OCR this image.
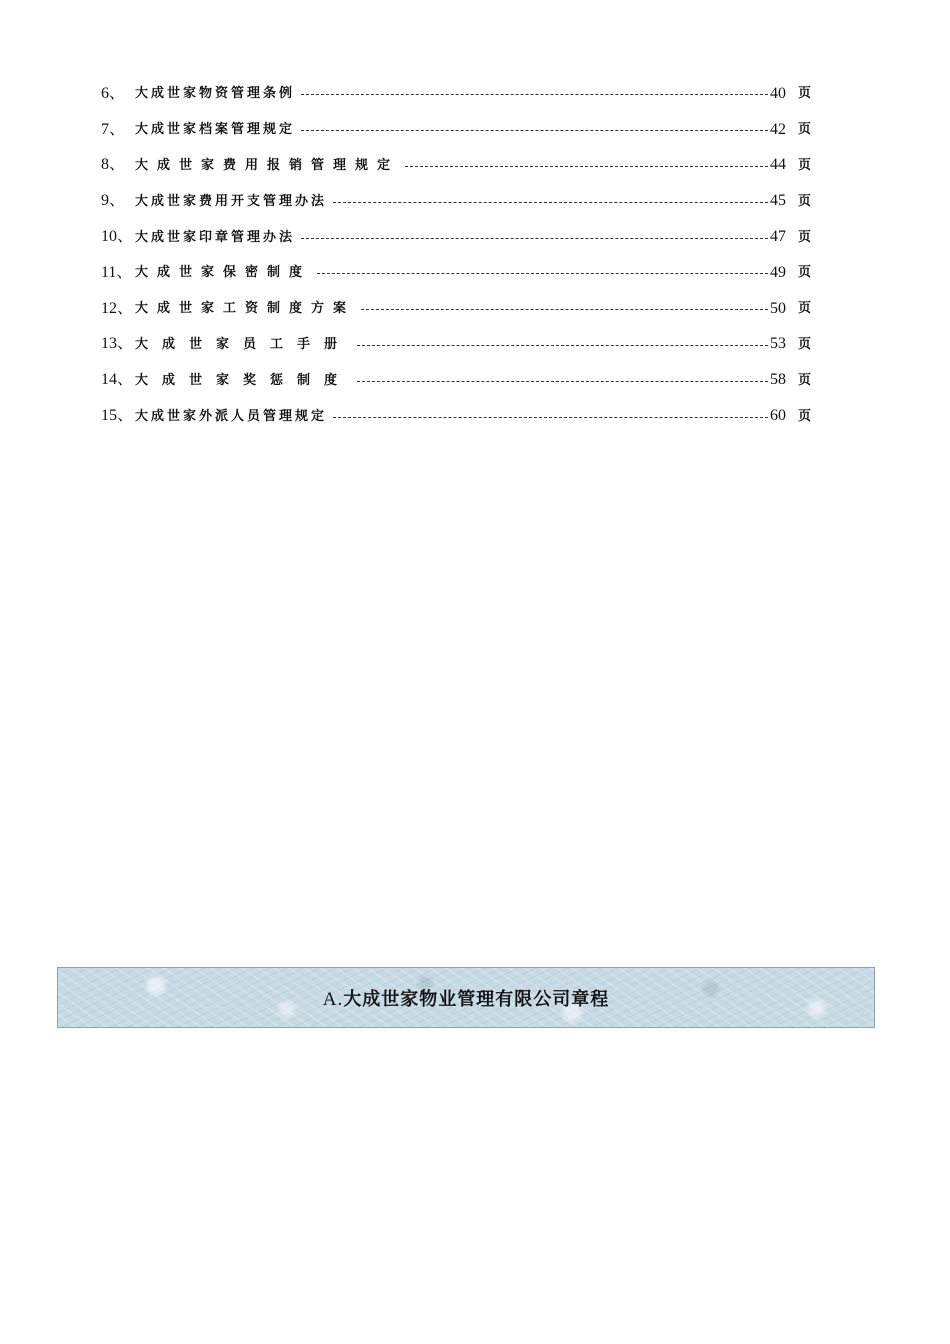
6、 大成世家物资管理条例	40 页
7、 大成世家档案管理规定	42 页
8、 大成世家费用报销管理规定	44 页
9、 大成世家费用开支管理办法	45 页
10、 大成世家印章管理办法	47 页
11、 大成世家保密制度	49 页
12、 大成世家工资制度方案	50 页
13、 大成世家员工手册	53 页
14、 大成世家奖惩制度	58 页
15、 大成世家外派人员管理规定	60 页
A.大成世家物业管理有限公司章程
